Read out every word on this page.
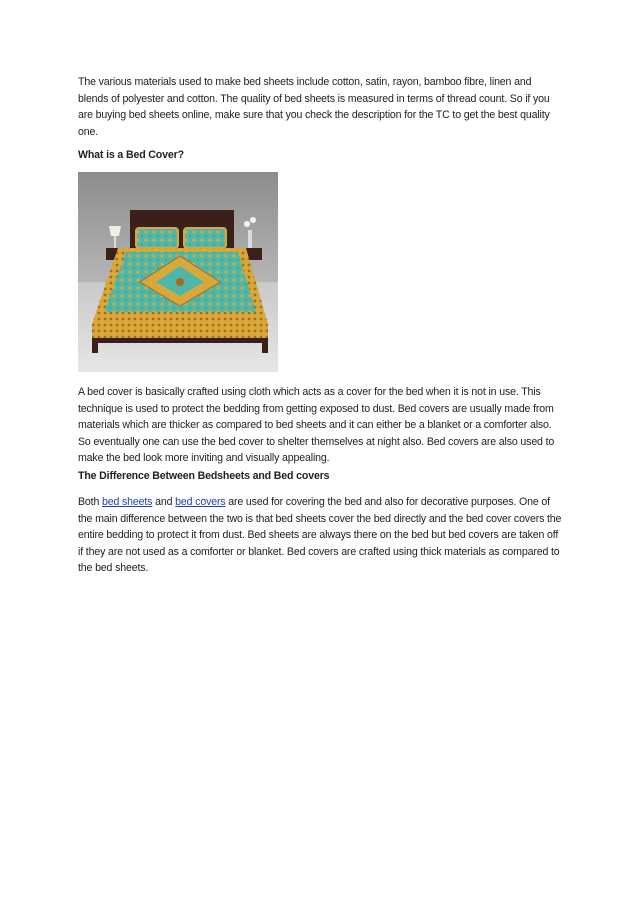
The various materials used to make bed sheets include cotton, satin, rayon, bamboo fibre, linen and blends of polyester and cotton. The quality of bed sheets is measured in terms of thread count. So if you are buying bed sheets online, make sure that you check the description for the TC to get the best quality one.

What is a Bed Cover?

A bed cover is basically crafted using cloth which acts as a cover for the bed when it is not in use. This technique is used to protect the bedding from getting exposed to dust. Bed covers are usually made from materials which are thicker as compared to bed sheets and it can either be a blanket or a comforter also. So eventually one can use the bed cover to shelter themselves at night also. Bed covers are also used to make the bed look more inviting and visually appealing.

The Difference Between Bedsheets and Bed covers

Both bed sheets and bed covers are used for covering the bed and also for decorative purposes. One of the main difference between the two is that bed sheets cover the bed directly and the bed cover covers the entire bedding to protect it from dust. Bed sheets are always there on the bed but bed covers are taken off if they are not used as a comforter or blanket. Bed covers are crafted using thick materials as compared to the bed sheets.
